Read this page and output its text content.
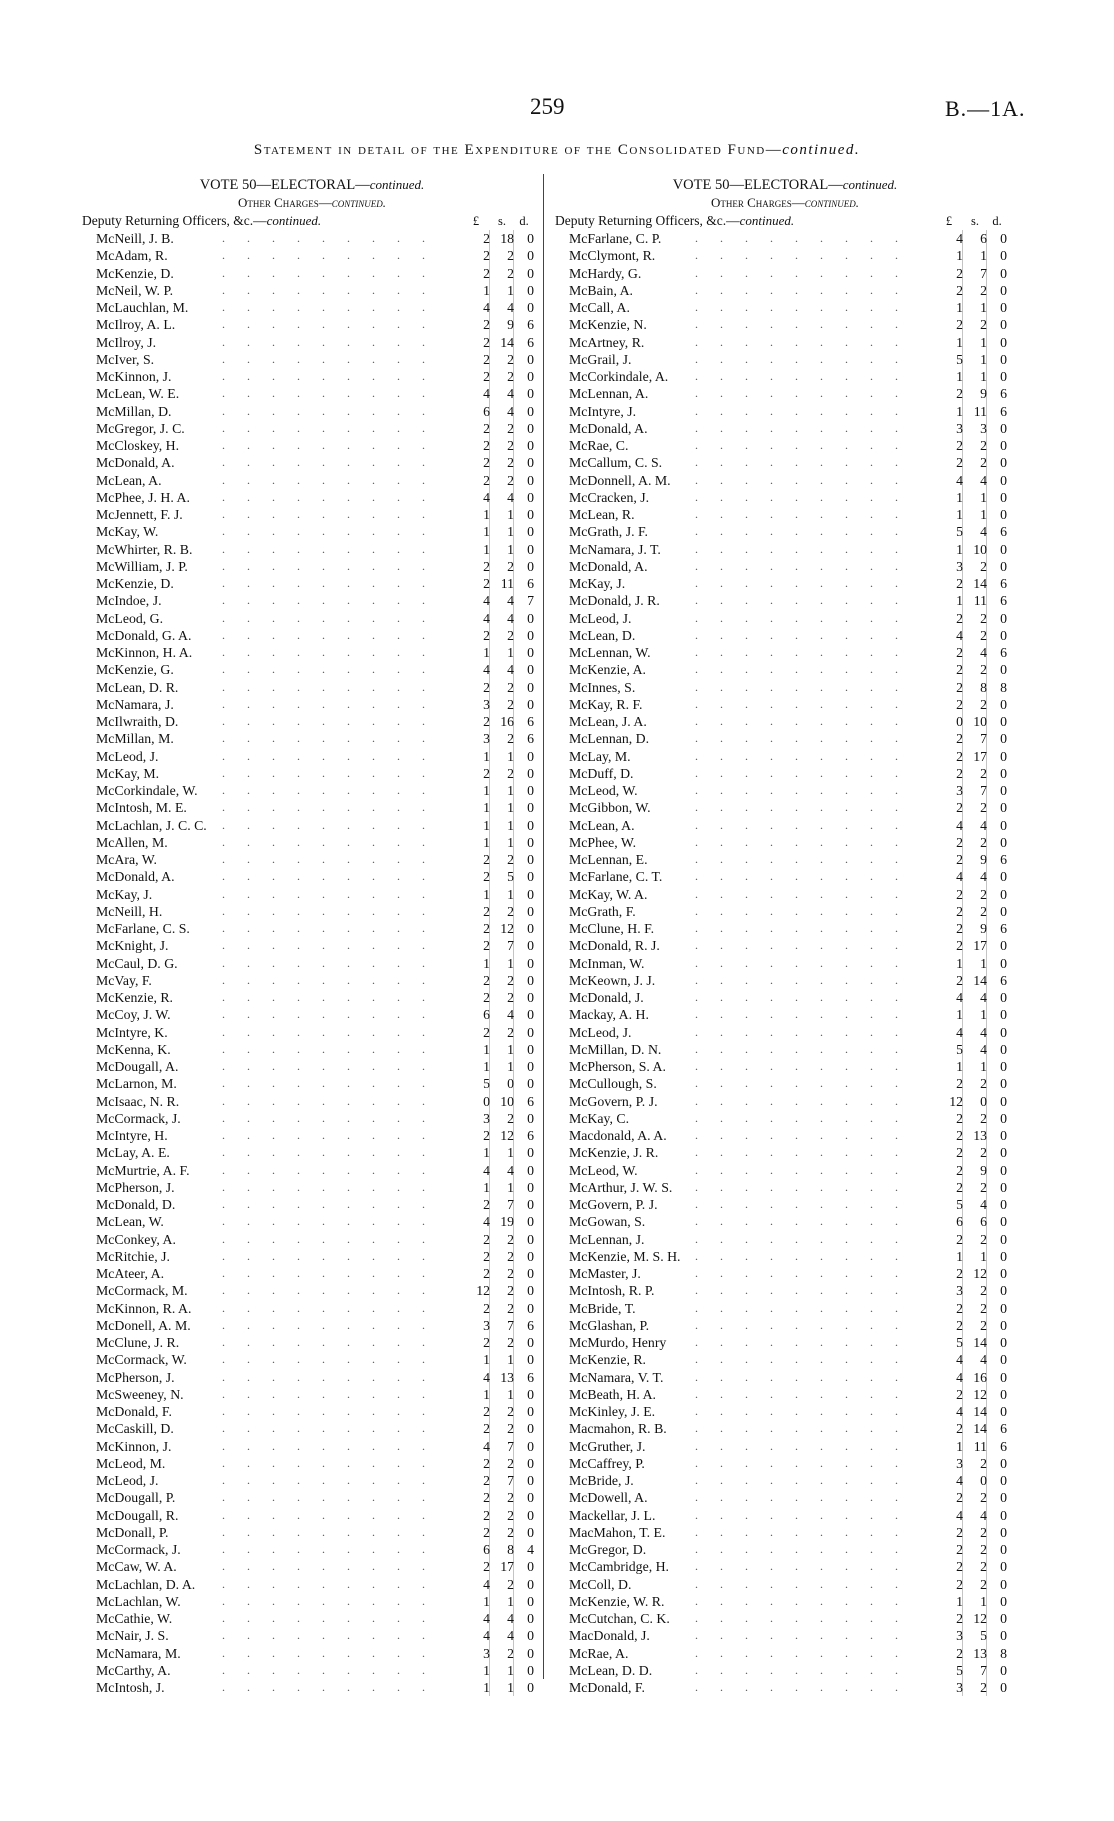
259	B.—1A.
Statement in detail of the Expenditure of the Consolidated Fund—continued.
VOTE 50—ELECTORAL—continued.
Other Charges—continued.
Deputy Returning Officers, &c.—continued.	£	s.	d.
McNeill, J. B.	.........	2 18 0
McAdam, R.	.........	2	2 0
McKenzie, D.	.........	2	2 0
McNeil, W. P.	.........	1	1 0
McLauchlan, M.	.........	4	4 0
McIlroy, A. L.	.........	2	9 6
McIlroy, J.	.........	2 14 6
McIver, S.	.........	2	2 0
McKinnon, J.	.........	2	2 0
McLean, W. E.	.........	4	4 0
McMillan, D.	.........	6	4 0
McGregor, J. C.	.........	2	2 0
McCloskey, H.	.........	2	2 0
McDonald, A.	.........	2	2 0
McLean, A.	.........	2	2 0
McPhee, J. H. A.	.........	4	4 0
McJennett, F. J.	.........	1	1 0
McKay, W.	.........	1	1 0
McWhirter, R. B. .........	1	1 0
McWilliam, J. P.	.........	2	2 0
McKenzie, D.	.........	2 11 6
McIndoe, J.	.........	4	4 7
McLeod, G.	.........	4	4 0
McDonald, G. A.	.........	2	2 0
McKinnon, H. A. .........	1	1 0
McKenzie, G.	.........	4	4 0
McLean, D. R.	.........	2	2 0
McNamara, J.	.........	3	2 0
McIlwraith, D.	.........	2 16 6
McMillan, M.	.........	3	2 6
McLeod, J.	.........	1	1 0
McKay, M.	.........	2	2 0
McCorkindale, W. .........	1	1 0
McIntosh, M. E.	.........	1	1 0
McLachlan, J. C. C. .........	1	1 0
McAllen, M.	.........	1	1 0
McAra, W.	.........	2	2 0
McDonald, A.	.........	2	5 0
McKay, J.	.........	1	1 0
McNeill, H.	.........	2	2 0
McFarlane, C. S.	.........	2 12 0
McKnight, J.	.........	2	7 0
McCaul, D. G.	.........	1	1 0
McVay, F.	.........	2	2 0
McKenzie, R.	.........	2	2 0
McCoy, J. W.	.........	6	4 0
McIntyre, K.	.........	2	2 0
McKenna, K.	.........	1	1 0
McDougall, A.	.........	1	1 0
McLarnon, M.	.........	5	0 0
McIsaac, N. R.	.........	0 10 6
McCormack, J.	.........	3	2 0
McIntyre, H.	.........	2 12 6
McLay, A. E.	.........	1	1 0
McMurtrie, A. F.	.........	4	4 0
McPherson, J.	.........	1	1 0
McDonald, D.	.........	2	7 0
McLean, W.	.........	4 19 0
McConkey, A.	.........	2	2 0
McRitchie, J.	.........	2	2 0
McAteer, A.	.........	2	2 0
McCormack, M.	.........	12	2 0
McKinnon, R. A.	.........	2	2 0
McDonell, A. M.	.........	3	7 6
McClune, J. R.	.........	2	2 0
McCormack, W.	.........	1	1 0
McPherson, J.	.........	4 13 6
McSweeney, N.	.........	1	1 0
McDonald, F.	.........	2	2 0
McCaskill, D.	.........	2	2 0
McKinnon, J.	.........	4	7 0
McLeod, M.	.........	2	2 0
McLeod, J.	.........	2	7 0
McDougall, P.	.........	2	2 0
McDougall, R.	.........	2	2 0
McDonall, P.	.........	2	2 0
McCormack, J.	.........	6	8 4
McCaw, W. A.	.........	2 17 0
McLachlan, D. A. .........	4	2 0
McLachlan, W.	.........	1	1 0
McCathie, W.	.........	4	4 0
McNair, J. S.	.........	4	4 0
McNamara, M.	.........	3	2 0
McCarthy, A.	.........	1	1 0
McIntosh, J.	.........	1	1 0
VOTE 50—ELECTORAL—continued.
Other Charges—continued.
Deputy Returning Officers, &c.—continued.	£	s.	d.
McFarlane, C. P.	.........	4	6 0
McClymont, R.	.........	1	1 0
McHardy, G.	.........	2	7 0
McBain, A.	.........	2	2 0
McCall, A.	.........	1	1 0
McKenzie, N.	.........	2	2 0
McArtney, R.	.........	1	1 0
McGrail, J.	.........	5	1 0
McCorkindale, A. .........	1	1 0
McLennan, A.	.........	2	9 6
McIntyre, J.	.........	1 11 6
McDonald, A.	.........	3	3 0
McRae, C.	.........	2	2 0
McCallum, C. S.	.........	2	2 0
McDonnell, A. M. .........	4	4 0
McCracken, J.	.........	1	1 0
McLean, R.	.........	1	1 0
McGrath, J. F.	.........	5	4 6
McNamara, J. T.	.........	1 10 0
McDonald, A.	.........	3	2 0
McKay, J.	.........	2 14 6
McDonald, J. R.	.........	1 11 6
McLeod, J.	.........	2	2 0
McLean, D.	.........	4	2 0
McLennan, W.	.........	2	4 6
McKenzie, A.	.........	2	2 0
McInnes, S.	.........	2	8 8
McKay, R. F.	.........	2	2 0
McLean, J. A.	.........	0 10 0
McLennan, D.	.........	2	7 0
McLay, M.	.........	2 17 0
McDuff, D.	.........	2	2 0
McLeod, W.	.........	3	7 0
McGibbon, W.	.........	2	2 0
McLean, A.	.........	4	4 0
McPhee, W.	.........	2	2 0
McLennan, E.	.........	2	9 6
McFarlane, C. T.	.........	4	4 0
McKay, W. A.	.........	2	2 0
McGrath, F.	.........	2	2 0
McClune, H. F.	.........	2	9 6
McDonald, R. J.	.........	2 17 0
McInman, W.	.........	1	1 0
McKeown, J. J.	.........	2 14 6
McDonald, J.	.........	4	4 0
Mackay, A. H.	.........	1	1 0
McLeod, J.	.........	4	4 0
McMillan, D. N.	.........	5	4 0
McPherson, S. A. .........	1	1 0
McCullough, S.	.........	2	2 0
McGovern, P. J.	.........	12	0 0
McKay, C.	.........	2	2 0
Macdonald, A. A. .........	2 13 0
McKenzie, J. R.	.........	2	2 0
McLeod, W.	.........	2	9 0
McArthur, J. W. S. .........	2	2 0
McGovern, P. J.	.........	5	4 0
McGowan, S.	.........	6	6 0
McLennan, J.	.........	2	2 0
McKenzie, M. S. H. .........	1	1 0
McMaster, J.	.........	2 12 0
McIntosh, R. P.	.........	3	2 0
McBride, T.	.........	2	2 0
McGlashan, P.	.........	2	2 0
McMurdo, Henry .........	5 14 0
McKenzie, R.	.........	4	4 0
McNamara, V. T.	.........	4 16 0
McBeath, H. A.	.........	2 12 0
McKinley, J. E.	.........	4 14 0
Macmahon, R. B. .........	2 14 6
McGruther, J.	.........	1 11 6
McCaffrey, P.	.........	3	2 0
McBride, J.	.........	4	0 0
McDowell, A.	.........	2	2 0
Mackellar, J. L.	.........	4	4 0
MacMahon, T. E. .........	2	2 0
McGregor, D.	.........	2	2 0
McCambridge, H. .........	2	2 0
McColl, D.	.........	2	2 0
McKenzie, W. R.	.........	1	1 0
McCutchan, C. K. .........	2 12 0
MacDonald, J.	.........	3	5 0
McRae, A.	.........	2 13 8
McLean, D. D.	.........	5	7 0
McDonald, F.	.........	3	2 0
